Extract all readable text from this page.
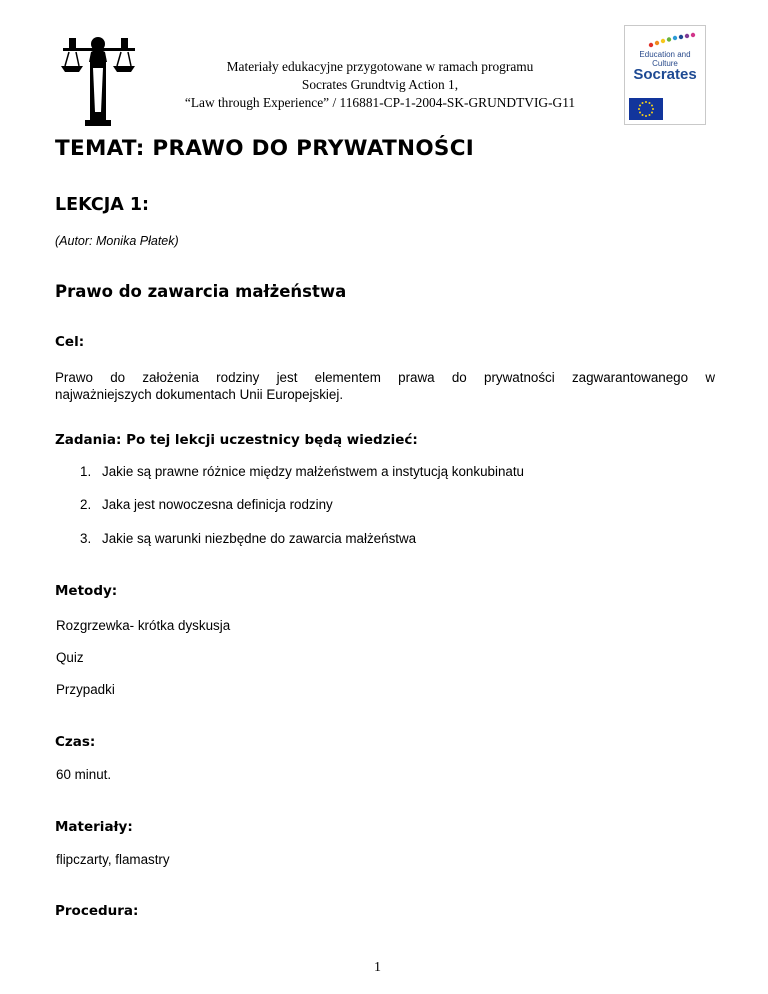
Materiały edukacyjne przygotowane w ramach programu
Socrates Grundtvig Action 1,
“Law through Experience” / 116881-CP-1-2004-SK-GRUNDTVIG-G11
Education and Culture
Socrates
TEMAT: PRAWO DO PRYWATNOŚCI
LEKCJA 1:
(Autor: Monika Płatek)
Prawo do zawarcia małżeństwa
Cel:
Prawo do założenia rodziny jest elementem prawa do prywatności zagwarantowanego w
najważniejszych dokumentach Unii Europejskiej.
Zadania: Po tej lekcji uczestnicy będą wiedzieć:
1. Jakie są prawne różnice między małżeństwem a instytucją konkubinatu
2. Jaka jest nowoczesna definicja rodziny
3. Jakie są warunki niezbędne do zawarcia małżeństwa
Metody:
Rozgrzewka- krótka dyskusja
Quiz
Przypadki
Czas:
60 minut.
Materiały:
flipczarty, flamastry
Procedura:
1
